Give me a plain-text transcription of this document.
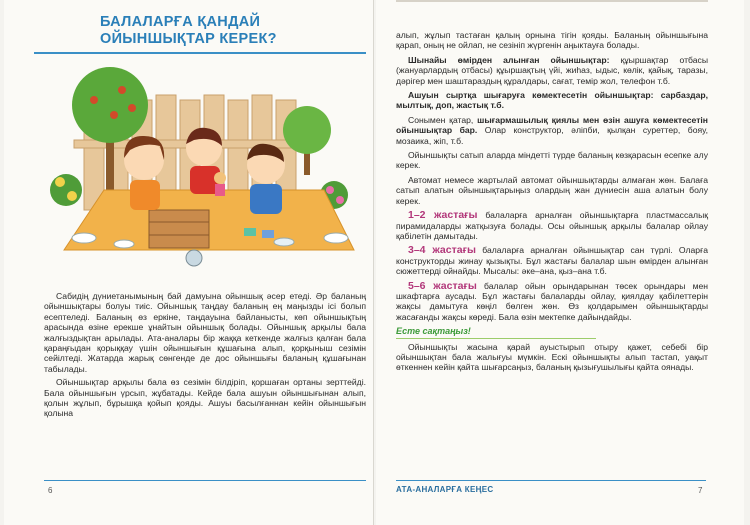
БАЛАЛАРҒА ҚАНДАЙ ОЙЫНШЫҚТАР КЕРЕК?

Сабидің дүниетанымының бай дамуына ойыншық әсер етеді. Әр баланың ойыншықтары болуы тиіс. Ойыншық таңдау баланың ең маңызды ісі болып есептеледі. Баланың өз еркіне, таңдауына байланысты, көп ойыншықтың арасында өзіне ерекше ұнайтын ойыншық болады. Ойыншық арқылы бала жалғыздықтан арылады. Ата-аналары бір жаққа кеткенде жалғыз қалған бала қараңғыдан қорыққау үшін ойыншығын құшағына алып, қорқыныш сезімін сейілтеді. Жатарда жарық сөнгенде де дос ойыншығы баланың құшағынан табылады.

Ойыншықтар арқылы бала өз сезімін білдіріп, қоршаған ортаны зерттейді. Бала ойыншығын үрсып, жұбатады. Кейде бала ашуын ойыншығынан алып, қолын жұлып, бұрышқа қойып қояды. Ашуы басылғаннан кейін ойыншығын қолына

6

алып, жұлып тастаған қалың орнына тігін қояды. Баланың ойыншығына қарап, оның не ойлап, не сезініп жүргенін аңыктауға болады.

Шынайы өмірден алынған ойыншықтар: құыршақтар отбасы (жануарлардың отбасы) құыршақтың үйі, жиһаз, ыдыс, көлік, қайық, таразы, дәрігер мен шаштараздың құралдары, сағат, темір жол, телефон т.б.

Ашуын сыртқа шығаруға көмектесетін ойыншықтар: сарбаздар, мылтық, доп, жастық т.б.

Сонымен қатар, шығармашылық қиялы мен өзін ашуға көмектесетін ойыншықтар бар. Олар конструктор, әліпби, қылқан суреттер, бояу, мозаика, жіп, т.б.

Ойыншықты сатып аларда міндетті түрде баланың көзқарасын есепке алу керек.

Автомат немесе жартылай автомат ойыншықтарды алмаған жөн. Балаға сатып алатын ойыншықтарыңыз олардың жан дүниесін аша алатын болу керек.

1–2 жастағы балаларға арналған ойыншықтарға пластмассалық пирамидаларды жатқызуға болады. Осы ойыншық арқылы балалар ойлау қабілетін дамытады.

3–4 жастағы балаларға арналған ойыншықтар сан түрлі. Оларға конструкторды жинау қызықты. Бұл жастағы балалар шын өмірден алынған сюжеттерді ойнайды. Мысалы: әке–ана, қыз–ана т.б.

5–6 жастағы балалар ойын орындарынан төсек орындары мен шкафтарға аусады. Бұл жастағы балаларды ойлау, қиялдау қабілеттерін жақсы дамытуға көңіл бөлген жөн. Өз қолдарымен ойыншықтарды жасағанды жақсы көреді. Бала өзін мектепке дайындайды.

Есте сақтаңыз!

Ойыншықты жасына қарай ауыстырып отыру қажет, себебі бір ойыншықтан бала жалығуы мүмкін. Ескі ойыншықты алып тастап, уақыт өткеннен кейін қайта шығарсаңыз, баланың қызығушылығы қайта оянады.

АТА-АНАЛАРҒА КЕҢЕС	7
